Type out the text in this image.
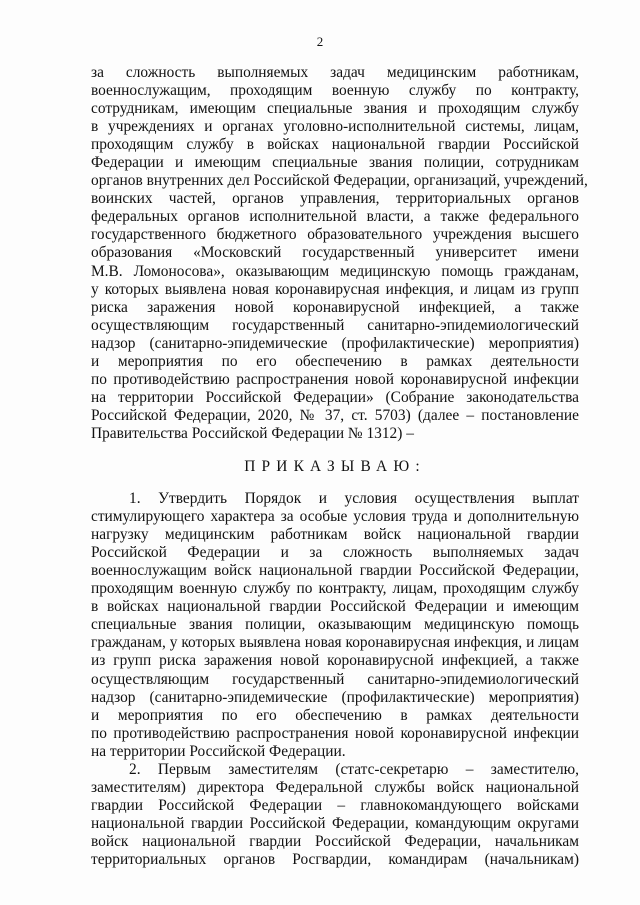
2
за сложность выполняемых задач медицинским работникам,
военнослужащим, проходящим военную службу по контракту,
сотрудникам, имеющим специальные звания и проходящим службу
в учреждениях и органах уголовно-исполнительной системы, лицам,
проходящим службу в войсках национальной гвардии Российской
Федерации и имеющим специальные звания полиции, сотрудникам
органов внутренних дел Российской Федерации, организаций, учреждений,
воинских частей, органов управления, территориальных органов
федеральных органов исполнительной власти, а также федерального
государственного бюджетного образовательного учреждения высшего
образования «Московский государственный университет имени
М.В. Ломоносова», оказывающим медицинскую помощь гражданам,
у которых выявлена новая коронавирусная инфекция, и лицам из групп
риска заражения новой коронавирусной инфекцией, а также
осуществляющим государственный санитарно-эпидемиологический
надзор (санитарно-эпидемические (профилактические) мероприятия)
и мероприятия по его обеспечению в рамках деятельности
по противодействию распространения новой коронавирусной инфекции
на территории Российской Федерации» (Собрание законодательства
Российской Федерации, 2020, № 37, ст. 5703) (далее – постановление
Правительства Российской Федерации № 1312) –
ПРИКАЗЫВАЮ:
1. Утвердить Порядок и условия осуществления выплат
стимулирующего характера за особые условия труда и дополнительную
нагрузку медицинским работникам войск национальной гвардии
Российской Федерации и за сложность выполняемых задач
военнослужащим войск национальной гвардии Российской Федерации,
проходящим военную службу по контракту, лицам, проходящим службу
в войсках национальной гвардии Российской Федерации и имеющим
специальные звания полиции, оказывающим медицинскую помощь
гражданам, у которых выявлена новая коронавирусная инфекция, и лицам
из групп риска заражения новой коронавирусной инфекцией, а также
осуществляющим государственный санитарно-эпидемиологический
надзор (санитарно-эпидемические (профилактические) мероприятия)
и мероприятия по его обеспечению в рамках деятельности
по противодействию распространения новой коронавирусной инфекции
на территории Российской Федерации.
2. Первым заместителям (статс-секретарю – заместителю,
заместителям) директора Федеральной службы войск национальной
гвардии Российской Федерации – главнокомандующего войсками
национальной гвардии Российской Федерации, командующим округами
войск национальной гвардии Российской Федерации, начальникам
территориальных органов Росгвардии, командирам (начальникам)
